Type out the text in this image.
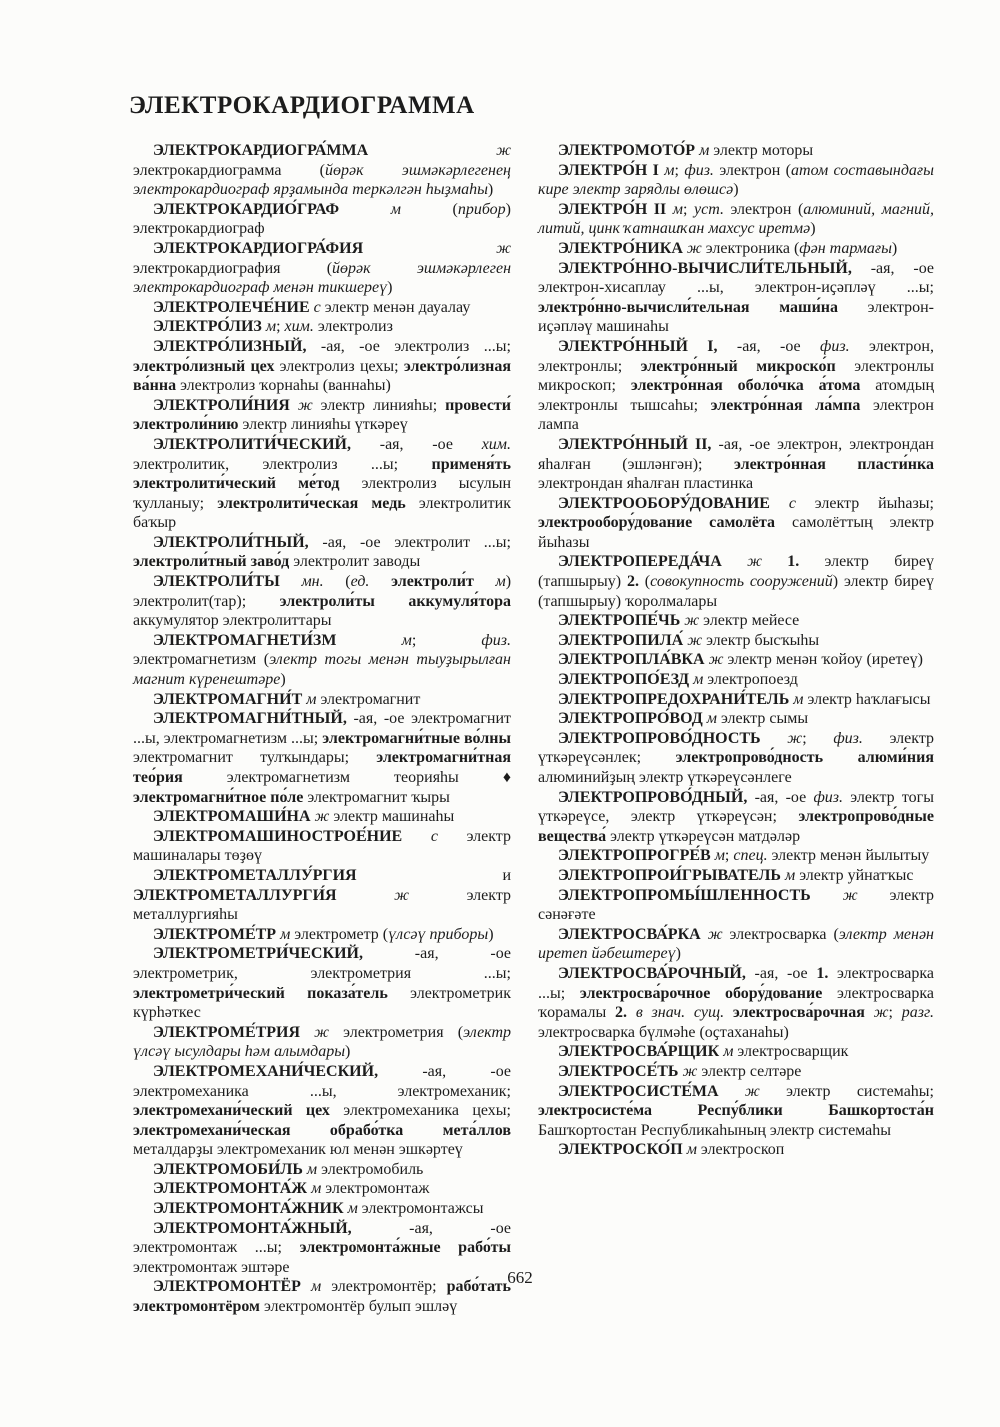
ЭЛЕКТРОКАРДИОГРАММА

ЭЛЕКТРОКАРДИОГРА́ММА	ж электрокардиограмма (йөрәк эшмәкәрлегенең электрокардиограф ярҙамында теркәлгән һыҙмаһы)

ЭЛЕКТРОКАРДИО́ГРАФ	м (прибор) электрокардиограф

ЭЛЕКТРОКАРДИОГРА́ФИЯ	ж электрокардиография (йөрәк эшмәкәрлеген электрокардиограф менән тикшереү)

ЭЛЕКТРОЛЕЧЕ́НИЕ с электр менән дауалау

ЭЛЕКТРО́ЛИЗ м; хим. электролиз

ЭЛЕКТРО́ЛИЗНЫЙ, -ая, -ое электролиз ...ы; электро́лизный цех электролиз цехы; электро́лизная ва́нна электролиз ҡорнаһы (ваннаһы)

ЭЛЕКТРОЛИ́НИЯ ж электр линияһы; провести́ электроли́нию электр линияһы үткәреү

ЭЛЕКТРОЛИТИ́ЧЕСКИЙ, -ая, -ое хим. электролитик, электролиз ...ы; применя́ть электролити́ческий ме́тод электролиз ысулын ҡулланыу; электролити́ческая медь электролитик баҡыр

ЭЛЕКТРОЛИ́ТНЫЙ, -ая, -ое электролит ...ы; электроли́тный заво́д электролит заводы

ЭЛЕКТРОЛИ́ТЫ мн. (ед. электроли́т м) электролит(тар); электроли́ты аккумуля́тора аккумулятор электролиттары

ЭЛЕКТРОМАГНЕТИ́ЗМ	м; физ. электромагнетизм (электр тогы менән тыуҙырылған магнит күренештәре)

ЭЛЕКТРОМАГНИ́Т м электромагнит

ЭЛЕКТРОМАГНИ́ТНЫЙ, -ая, -ое электромагнит ...ы, электромагнетизм ...ы; электромагни́тные во́лны электромагнит тулҡындары; электромагни́тная тео́рия электромагнетизм теорияһы ♦ электромагни́тное по́ле электромагнит ҡыры

ЭЛЕКТРОМАШИ́НА ж электр машинаһы

ЭЛЕКТРОМАШИНОСТРОЕ́НИЕ с электр машиналары төҙөү

ЭЛЕКТРОМЕТАЛЛУ́РГИЯ и ЭЛЕКТРОМЕТАЛЛУРГИ́Я	ж электр металлургияһы

ЭЛЕКТРОМЕ́ТР м электрометр (үлсәү приборы)

ЭЛЕКТРОМЕТРИ́ЧЕСКИЙ, -ая, -ое электрометрик, электрометрия ...ы; электрометри́ческий показа́тель электрометрик күрһәткес

ЭЛЕКТРОМЕ́ТРИЯ ж электрометрия (электр үлсәү ысулдары һәм алымдары)

ЭЛЕКТРОМЕХАНИ́ЧЕСКИЙ, -ая, -ое электромеханика ...ы, электромеханик; электромехани́ческий цех электромеханика цехы; электромехани́ческая обрабо́тка мета́ллов металдарҙы электромеханик юл менән эшкәртеү

ЭЛЕКТРОМОБИ́ЛЬ м электромобиль

ЭЛЕКТРОМОНТА́Ж м электромонтаж

ЭЛЕКТРОМОНТА́ЖНИК м электромонтажсы

ЭЛЕКТРОМОНТА́ЖНЫЙ, -ая, -ое электромонтаж ...ы; электромонта́жные рабо́ты электромонтаж эштәре

ЭЛЕКТРОМОНТЁР м электромонтёр; рабо́тать электромонтёром электромонтёр булып эшләү

ЭЛЕКТРОМОТО́Р м электр моторы

ЭЛЕКТРО́Н I м; физ. электрон (атом составындағы кире электр зарядлы өлөшсә)

ЭЛЕКТРО́Н II м; уст. электрон (алюминий, магний, литий, цинк ҡатнашҡан махсус иретмә)

ЭЛЕКТРО́НИКА ж электроника (фән тармағы)

ЭЛЕКТРО́ННО-ВЫЧИСЛИ́ТЕЛЬНЫЙ, -ая, -ое электрон-хисаплау ...ы, электрон-иҫәпләү ...ы; электро́нно-вычисли́тельная маши́на электрон-иҫәпләү машинаһы

ЭЛЕКТРО́ННЫЙ I, -ая, -ое физ. электрон, электронлы; электро́нный микроско́п электронлы микроскоп; электро́нная оболо́чка а́тома атомдың электронлы тышсаһы; электро́нная ла́мпа электрон лампа

ЭЛЕКТРО́ННЫЙ II, -ая, -ое электрон, электрондан яһалған (эшләнгән); электро́нная пласти́нка электрондан яһалған пластинка

ЭЛЕКТРООБОРУ́ДОВАНИЕ с электр йыһазы; электрообору́дование самолёта самолёттың электр йыһазы

ЭЛЕКТРОПЕРЕДА́ЧА ж 1. электр биреү (тапшырыу) 2. (совокупность сооружений) электр биреү (тапшырыу) ҡоролмалары

ЭЛЕКТРОПЕ́ЧЬ ж электр мейесе

ЭЛЕКТРОПИЛА́ ж электр бысҡыһы

ЭЛЕКТРОПЛА́ВКА ж электр менән ҡойоу (иретеү)

ЭЛЕКТРОПО́ЕЗД м электропоезд

ЭЛЕКТРОПРЕДОХРАНИ́ТЕЛЬ м электр һаҡлағысы

ЭЛЕКТРОПРО́ВОД м электр сымы

ЭЛЕКТРОПРОВО́ДНОСТЬ ж; физ. электр үткәреүсәнлек; электропрово́дность алюми́ния алюминийҙың электр үткәреүсәнлеге

ЭЛЕКТРОПРОВО́ДНЫЙ, -ая, -ое физ. электр тогы үткәреүсе, электр үткәреүсән; электропрово́дные вещества́ электр үткәреүсән матдәләр

ЭЛЕКТРОПРОГРЕ́В м; спец. электр менән йылытыу

ЭЛЕКТРОПРОИ́ГРЫВАТЕЛЬ м электр уйнатҡыс

ЭЛЕКТРОПРОМЫ́ШЛЕННОСТЬ ж электр сәнәғәте

ЭЛЕКТРОСВА́РКА ж электросварка (электр менән иретеп йәбештереү)

ЭЛЕКТРОСВА́РОЧНЫЙ, -ая, -ое 1. электросварка ...ы; электросва́рочное обору́дование электросварка ҡорамалы 2. в знач. сущ. электросва́рочная ж; разг. электросварка бүлмәһе (оҫтаханаһы)

ЭЛЕКТРОСВА́РЩИК м электросварщик

ЭЛЕКТРОСЕ́ТЬ ж электр селтәре

ЭЛЕКТРОСИСТЕ́МА ж электр системаһы; электросисте́ма Респу́блики Башкортоста́н Башҡортостан Республикаһының электр системаһы

ЭЛЕКТРОСКО́П м электроскоп

662
